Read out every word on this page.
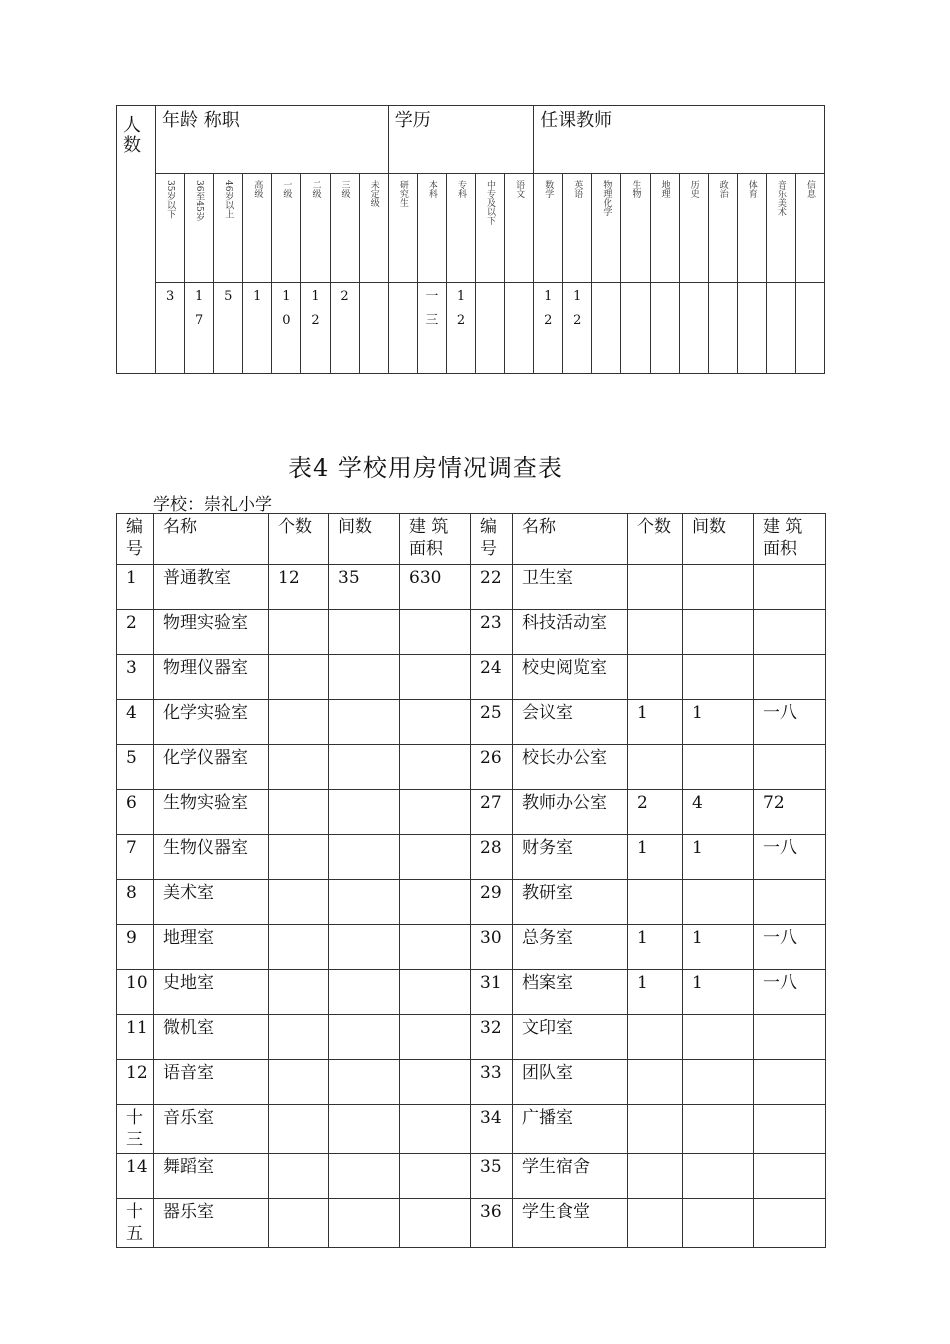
人数	年龄 称职								学历					任课教师									
	35岁以下	36至45岁	46岁以上	高级	一级	二级	三级	未定级	研究生	本科	专科	中专及以下	语文	数学	英语	物理化学	生物	地理	历史	政治	体育	音乐美术	信息

	3	17	5	1	10	12	2			一三	12			12	12								

表4 学校用房情况调查表
学校：崇礼小学
编号	名称	个数	间数	建 筑面积	编号	名称	个数	间数	建 筑面积
1	普通教室	12	35	630	22	卫生室			
2	物理实验室				23	科技活动室			
3	物理仪器室				24	校史阅览室			
4	化学实验室				25	会议室	1	1	一八
5	化学仪器室				26	校长办公室			
6	生物实验室				27	教师办公室	2	4	72
7	生物仪器室				28	财务室	1	1	一八
8	美术室				29	教研室			
9	地理室				30	总务室	1	1	一八
10	史地室				31	档案室	1	1	一八
11	微机室				32	文印室			
12	语音室				33	团队室			
十三	音乐室				34	广播室			
14	舞蹈室				35	学生宿舍			
十五	器乐室				36	学生食堂			
